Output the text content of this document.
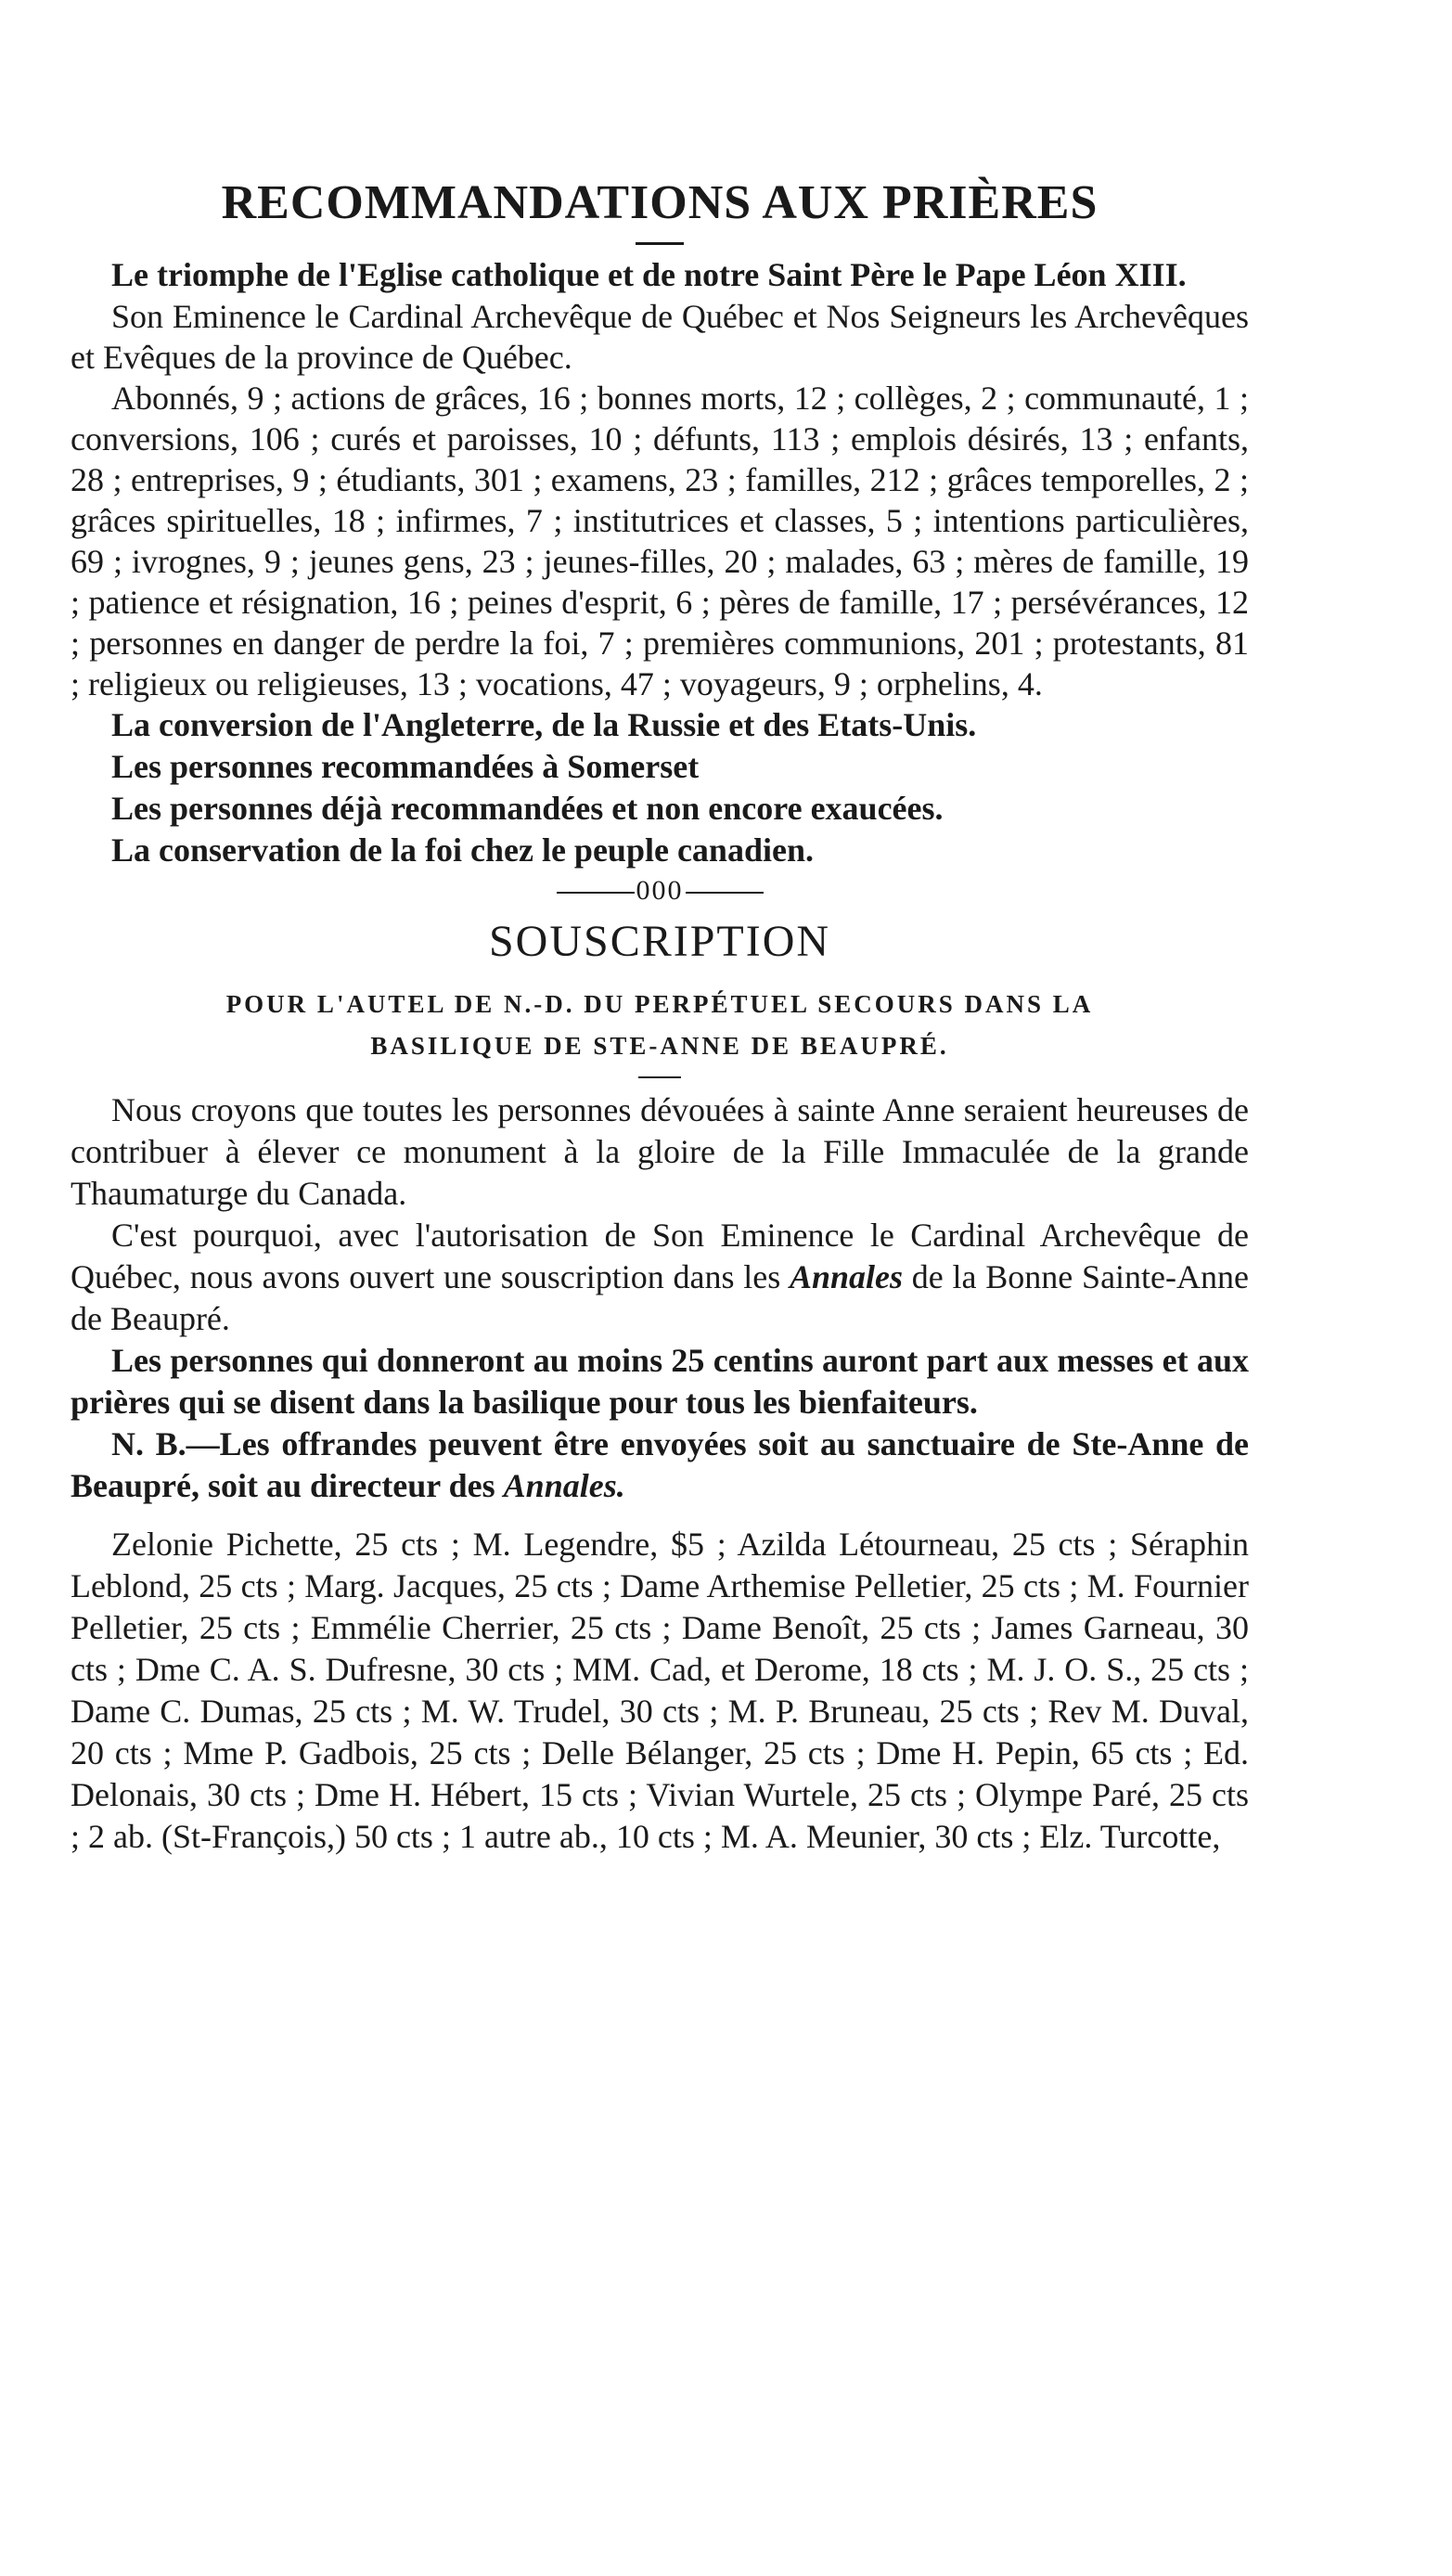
RECOMMANDATIONS AUX PRIÈRES

Le triomphe de l'Eglise catholique et de notre Saint Père le Pape Léon XIII.

Son Eminence le Cardinal Archevêque de Québec et Nos Seigneurs les Archevêques et Evêques de la province de Québec.

Abonnés, 9 ; actions de grâces, 16 ; bonnes morts, 12 ; collèges, 2 ; communauté, 1 ; conversions, 106 ; curés et paroisses, 10 ; défunts, 113 ; emplois désirés, 13 ; enfants, 28 ; entreprises, 9 ; étudiants, 301 ; examens, 23 ; familles, 212 ; grâces temporelles, 2 ; grâces spirituelles, 18 ; infirmes, 7 ; institutrices et classes, 5 ; intentions particulières, 69 ; ivrognes, 9 ; jeunes gens, 23 ; jeunes-filles, 20 ; malades, 63 ; mères de famille, 19 ; patience et résignation, 16 ; peines d'esprit, 6 ; pères de famille, 17 ; persévérances, 12 ; personnes en danger de perdre la foi, 7 ; premières communions, 201 ; protestants, 81 ; religieux ou religieuses, 13 ; vocations, 47 ; voyageurs, 9 ; orphelins, 4.

La conversion de l'Angleterre, de la Russie et des Etats-Unis.

Les personnes recommandées à Somerset

Les personnes déjà recommandées et non encore exaucées.

La conservation de la foi chez le peuple canadien.

000
SOUSCRIPTION
POUR L'AUTEL DE N.-D. DU PERPÉTUEL SECOURS DANS LA
BASILIQUE DE STE-ANNE DE BEAUPRÉ.

Nous croyons que toutes les personnes dévouées à sainte Anne seraient heureuses de contribuer à élever ce monument à la gloire de la Fille Immaculée de la grande Thaumaturge du Canada.

C'est pourquoi, avec l'autorisation de Son Eminence le Cardinal Archevêque de Québec, nous avons ouvert une souscription dans les Annales de la Bonne Sainte-Anne de Beaupré.

Les personnes qui donneront au moins 25 centins auront part aux messes et aux prières qui se disent dans la basilique pour tous les bienfaiteurs.

N. B.—Les offrandes peuvent être envoyées soit au sanctuaire de Ste-Anne de Beaupré, soit au directeur des Annales.

Zelonie Pichette, 25 cts ; M. Legendre, $5 ; Azilda Létourneau, 25 cts ; Séraphin Leblond, 25 cts ; Marg. Jacques, 25 cts ; Dame Arthemise Pelletier, 25 cts ; M. Fournier Pelletier, 25 cts ; Emmélie Cherrier, 25 cts ; Dame Benoît, 25 cts ; James Garneau, 30 cts ; Dme C. A. S. Dufresne, 30 cts ; MM. Cad, et Derome, 18 cts ; M. J. O. S., 25 cts ; Dame C. Dumas, 25 cts ; M. W. Trudel, 30 cts ; M. P. Bruneau, 25 cts ; Rev M. Duval, 20 cts ; Mme P. Gadbois, 25 cts ; Delle Bélanger, 25 cts ; Dme H. Pepin, 65 cts ; Ed. Delonais, 30 cts ; Dme H. Hébert, 15 cts ; Vivian Wurtele, 25 cts ; Olympe Paré, 25 cts ; 2 ab. (St-François,) 50 cts ; 1 autre ab., 10 cts ; M. A. Meunier, 30 cts ; Elz. Turcotte,
